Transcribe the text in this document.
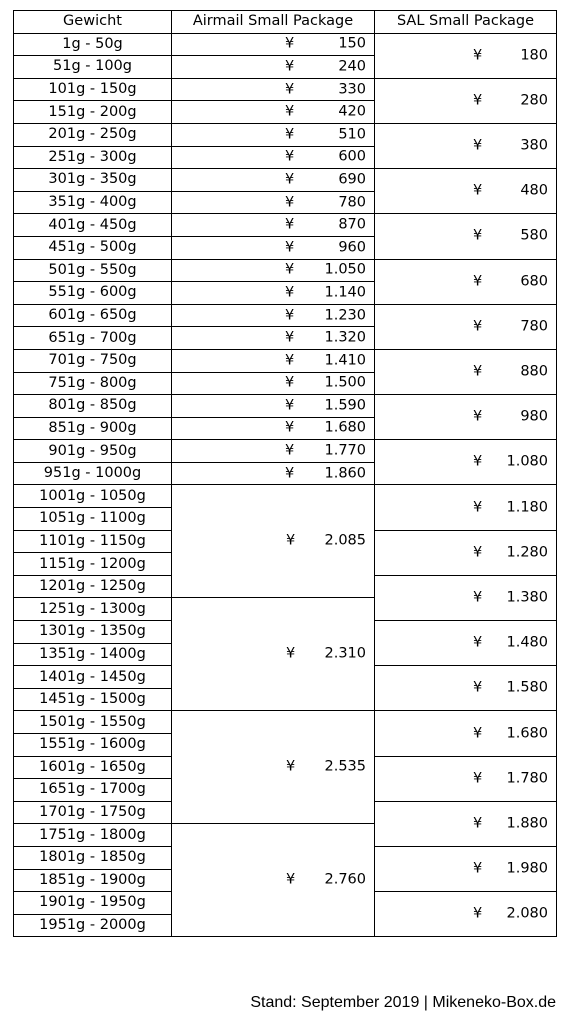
Gewicht	Airmail Small Package	SAL Small Package
1g - 50g	¥ 150	¥ 180

51g - 100g	¥ 240	

101g - 150g	¥ 330	¥ 280

151g - 200g	¥ 420	

201g - 250g	¥ 510	¥ 380

251g - 300g	¥ 600	

301g - 350g	¥ 690	¥ 480

351g - 400g	¥ 780	

401g - 450g	¥ 870	¥ 580

451g - 500g	¥ 960	

501g - 550g	¥ 1.050	¥ 680

551g - 600g	¥ 1.140	

601g - 650g	¥ 1.230	¥ 780

651g - 700g	¥ 1.320	

701g - 750g	¥ 1.410	¥ 880

751g - 800g	¥ 1.500	

801g - 850g	¥ 1.590	¥ 980

851g - 900g	¥ 1.680	

901g - 950g	¥ 1.770	¥ 1.080

951g - 1000g	¥ 1.860	

1001g - 1050g	¥ 2.085	¥ 1.180

1051g - 1100g		
1101g - 1150g		¥ 1.280

1151g - 1200g		
1201g - 1250g		¥ 1.380

1251g - 1300g	¥ 2.310	

1301g - 1350g		¥ 1.480

1351g - 1400g		
1401g - 1450g		¥ 1.580

1451g - 1500g		
1501g - 1550g	¥ 2.535	¥ 1.680

1551g - 1600g		
1601g - 1650g		¥ 1.780

1651g - 1700g		
1701g - 1750g		¥ 1.880

1751g - 1800g	¥ 2.760	

1801g - 1850g		¥ 1.980

1851g - 1900g		
1901g - 1950g		¥ 2.080

1951g - 2000g		
Stand: September 2019 | Mikeneko-Box.de
